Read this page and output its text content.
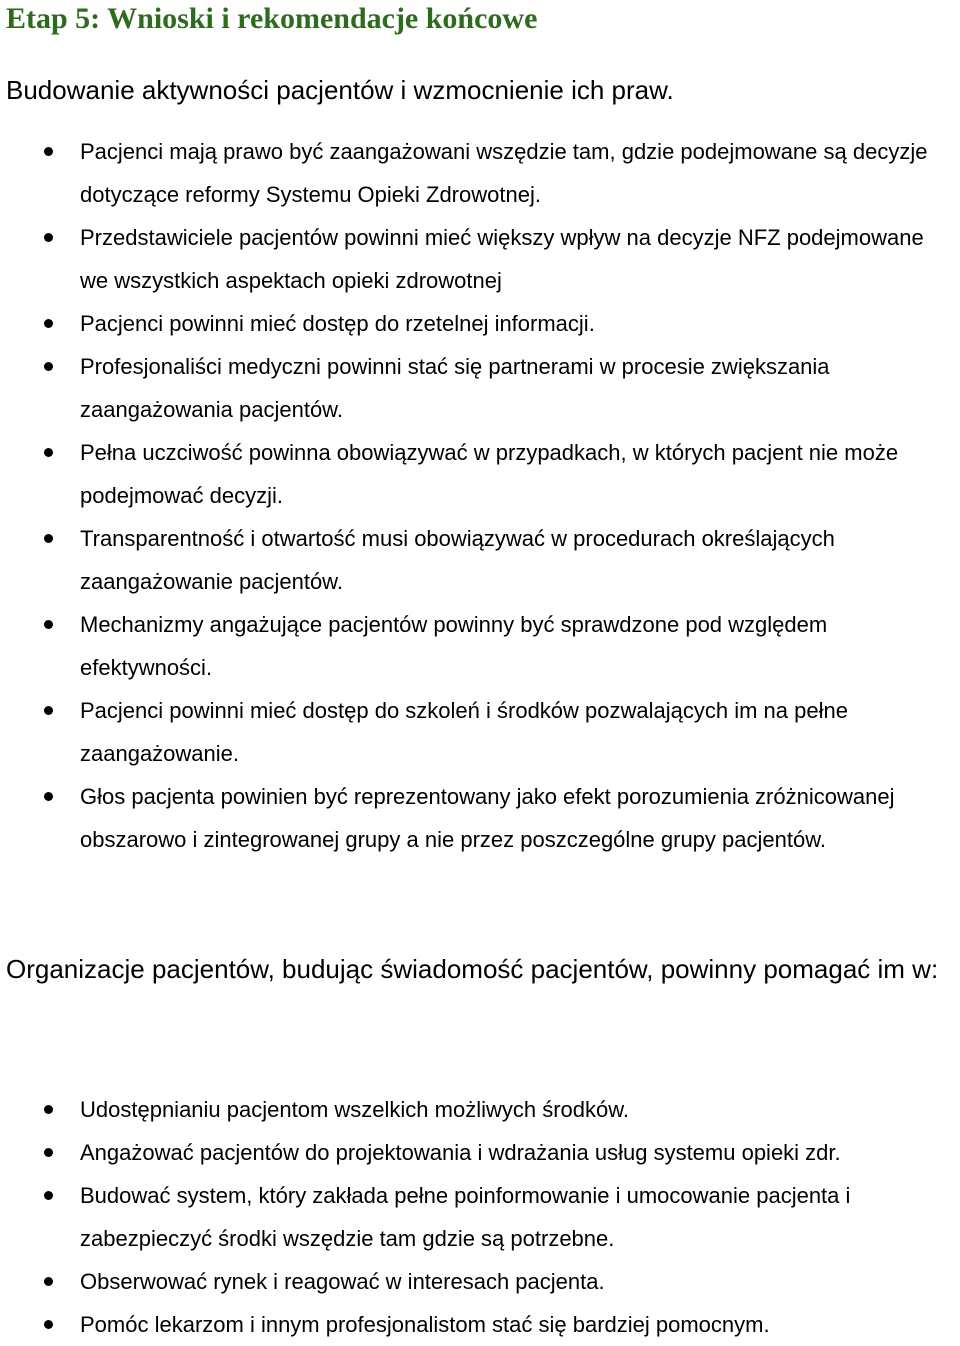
Etap 5: Wnioski i rekomendacje końcowe
Budowanie aktywności pacjentów i wzmocnienie ich praw.
Pacjenci mają prawo być zaangażowani wszędzie tam, gdzie podejmowane są decyzje dotyczące reformy Systemu Opieki Zdrowotnej.
Przedstawiciele pacjentów powinni mieć większy wpływ na decyzje NFZ podejmowane we wszystkich aspektach opieki zdrowotnej
Pacjenci powinni mieć dostęp do rzetelnej informacji.
Profesjonaliści medyczni powinni stać się partnerami w procesie zwiększania zaangażowania pacjentów.
Pełna uczciwość powinna obowiązywać w przypadkach, w których pacjent nie może podejmować decyzji.
Transparentność i otwartość musi obowiązywać w procedurach określających zaangażowanie pacjentów.
Mechanizmy angażujące pacjentów powinny być sprawdzone pod względem efektywności.
Pacjenci powinni mieć dostęp do szkoleń i środków pozwalających im na pełne zaangażowanie.
Głos pacjenta powinien być reprezentowany jako efekt porozumienia zróżnicowanej obszarowo i zintegrowanej grupy a nie przez poszczególne grupy pacjentów.
Organizacje pacjentów, budując świadomość pacjentów, powinny pomagać im w:
Udostępnianiu pacjentom wszelkich możliwych środków.
Angażować pacjentów do projektowania i wdrażania usług systemu opieki zdr.
Budować system, który zakłada pełne poinformowanie i umocowanie pacjenta i zabezpieczyć środki wszędzie tam gdzie są potrzebne.
Obserwować rynek i reagować w interesach pacjenta.
Pomóc lekarzom i innym profesjonalistom stać się bardziej pomocnym.
